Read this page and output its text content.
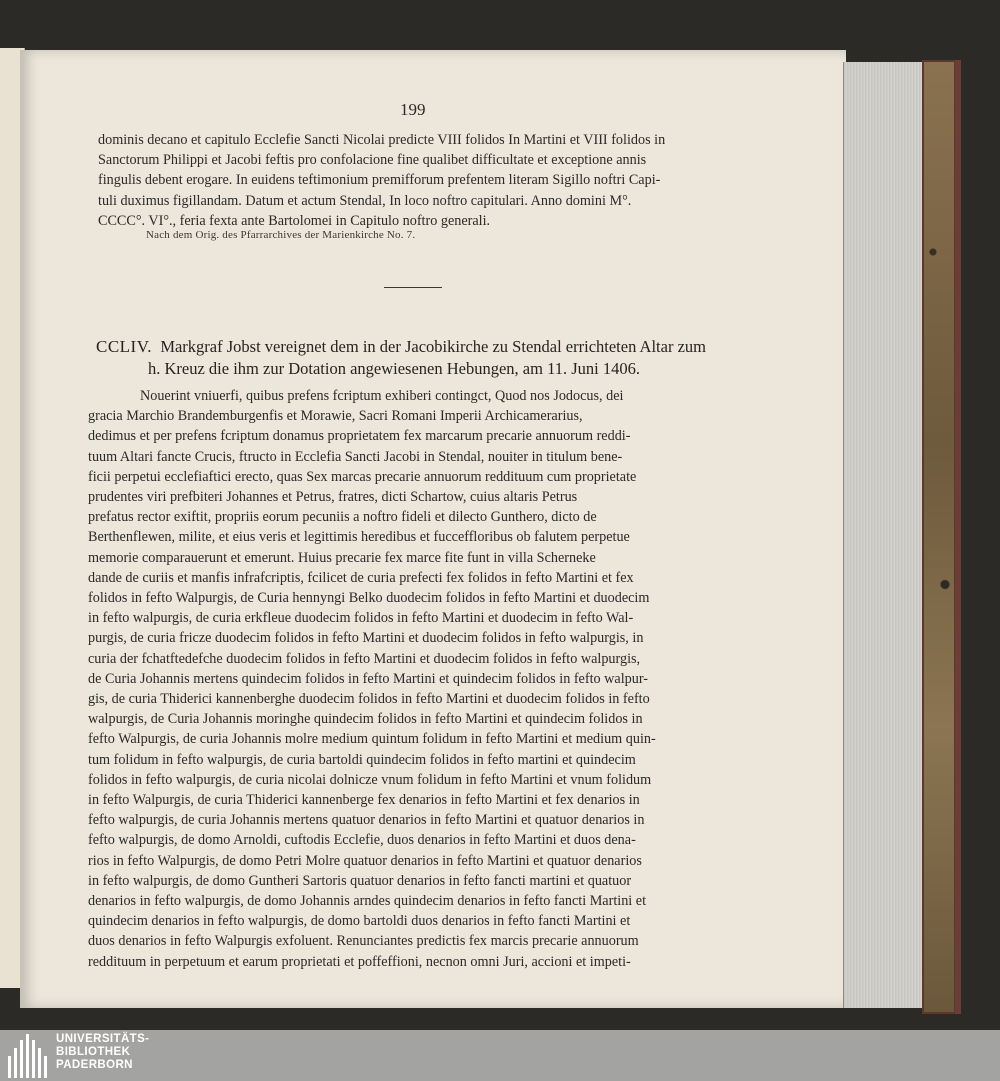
199
dominis decano et capitulo Ecclefie Sancti Nicolai predicte VIII folidos In Martini et VIII folidos in
Sanctorum Philippi et Jacobi feftis pro confolacione fine qualibet difficultate et exceptione annis
fingulis debent erogare. In euidens teftimonium premifforum prefentem literam Sigillo noftri Capi-
tuli duximus figillandam. Datum et actum Stendal, In loco noftro capitulari. Anno domini M°.
CCCC°. VI°., feria fexta ante Bartolomei in Capitulo noftro generali.
Nach dem Orig. des Pfarrarchives der Marienkirche No. 7.
CCLIV. Markgraf Jobst vereignet dem in der Jacobikirche zu Stendal errichteten Altar zum
h. Kreuz die ihm zur Dotation angewiesenen Hebungen, am 11. Juni 1406.
Nouerint vniuerfi, quibus prefens fcriptum exhiberi contingct, Quod nos Jodocus, dei
gracia Marchio Brandemburgenfis et Morawie, Sacri Romani Imperii Archicamerarius,
dedimus et per prefens fcriptum donamus proprietatem fex marcarum precarie annuorum reddi-
tuum Altari fancte Crucis, ftructo in Ecclefia Sancti Jacobi in Stendal, nouiter in titulum bene-
ficii perpetui ecclefiaftici erecto, quas Sex marcas precarie annuorum reddituum cum proprietate
prudentes viri prefbiteri Johannes et Petrus, fratres, dicti Schartow, cuius altaris Petrus
prefatus rector exiftit, propriis eorum pecuniis a noftro fideli et dilecto Gunthero, dicto de
Berthenflewen, milite, et eius veris et legittimis heredibus et fucceffloribus ob falutem perpetue
memorie comparauerunt et emerunt. Huius precarie fex marce fite funt in villa Scherneke
dande de curiis et manfis infrafcriptis, fcilicet de curia prefecti fex folidos in fefto Martini et fex
folidos in fefto Walpurgis, de Curia hennyngi Belko duodecim folidos in fefto Martini et duodecim
in fefto walpurgis, de curia erkfleue duodecim folidos in fefto Martini et duodecim in fefto Wal-
purgis, de curia fricze duodecim folidos in fefto Martini et duodecim folidos in fefto walpurgis, in
curia der fchatftedefche duodecim folidos in fefto Martini et duodecim folidos in fefto walpurgis,
de Curia Johannis mertens quindecim folidos in fefto Martini et quindecim folidos in fefto walpur-
gis, de curia Thiderici kannenberghe duodecim folidos in fefto Martini et duodecim folidos in fefto
walpurgis, de Curia Johannis moringhe quindecim folidos in fefto Martini et quindecim folidos in
fefto Walpurgis, de curia Johannis molre medium quintum folidum in fefto Martini et medium quin-
tum folidum in fefto walpurgis, de curia bartoldi quindecim folidos in fefto martini et quindecim
folidos in fefto walpurgis, de curia nicolai dolnicze vnum folidum in fefto Martini et vnum folidum
in fefto Walpurgis, de curia Thiderici kannenberge fex denarios in fefto Martini et fex denarios in
fefto walpurgis, de curia Johannis mertens quatuor denarios in fefto Martini et quatuor denarios in
fefto walpurgis, de domo Arnoldi, cuftodis Ecclefie, duos denarios in fefto Martini et duos dena-
rios in fefto Walpurgis, de domo Petri Molre quatuor denarios in fefto Martini et quatuor denarios
in fefto walpurgis, de domo Guntheri Sartoris quatuor denarios in fefto fancti martini et quatuor
denarios in fefto walpurgis, de domo Johannis arndes quindecim denarios in fefto fancti Martini et
quindecim denarios in fefto walpurgis, de domo bartoldi duos denarios in fefto fancti Martini et
duos denarios in fefto Walpurgis exfoluent. Renunciantes predictis fex marcis precarie annuorum
reddituum in perpetuum et earum proprietati et poffeffioni, necnon omni Juri, accioni et impeti-
UNIVERSITÄTS-
BIBLIOTHEK
PADERBORN
